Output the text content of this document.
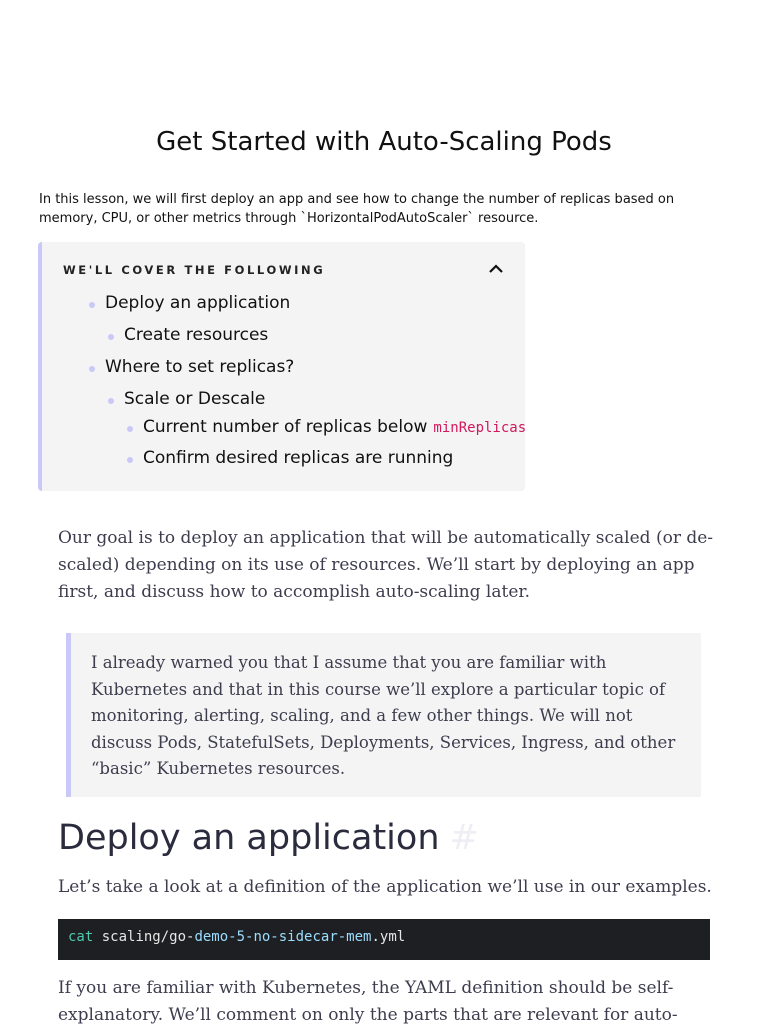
Get Started with Auto-Scaling Pods
In this lesson, we will first deploy an app and see how to change the number of replicas based on memory, CPU, or other metrics through `HorizontalPodAutoScaler` resource.
WE'LL COVER THE FOLLOWING
Deploy an application
Create resources
Where to set replicas?
Scale or Descale
Current number of replicas below minReplicas
Confirm desired replicas are running
Our goal is to deploy an application that will be automatically scaled (or de-scaled) depending on its use of resources. We’ll start by deploying an app first, and discuss how to accomplish auto-scaling later.

I already warned you that I assume that you are familiar with Kubernetes and that in this course we’ll explore a particular topic of monitoring, alerting, scaling, and a few other things. We will not discuss Pods, StatefulSets, Deployments, Services, Ingress, and other “basic” Kubernetes resources.

Deploy an application #
Let’s take a look at a definition of the application we’ll use in our examples.
cat scaling/go-demo-5-no-sidecar-mem.yml
If you are familiar with Kubernetes, the YAML definition should be self-explanatory. We’ll comment on only the parts that are relevant for auto-
